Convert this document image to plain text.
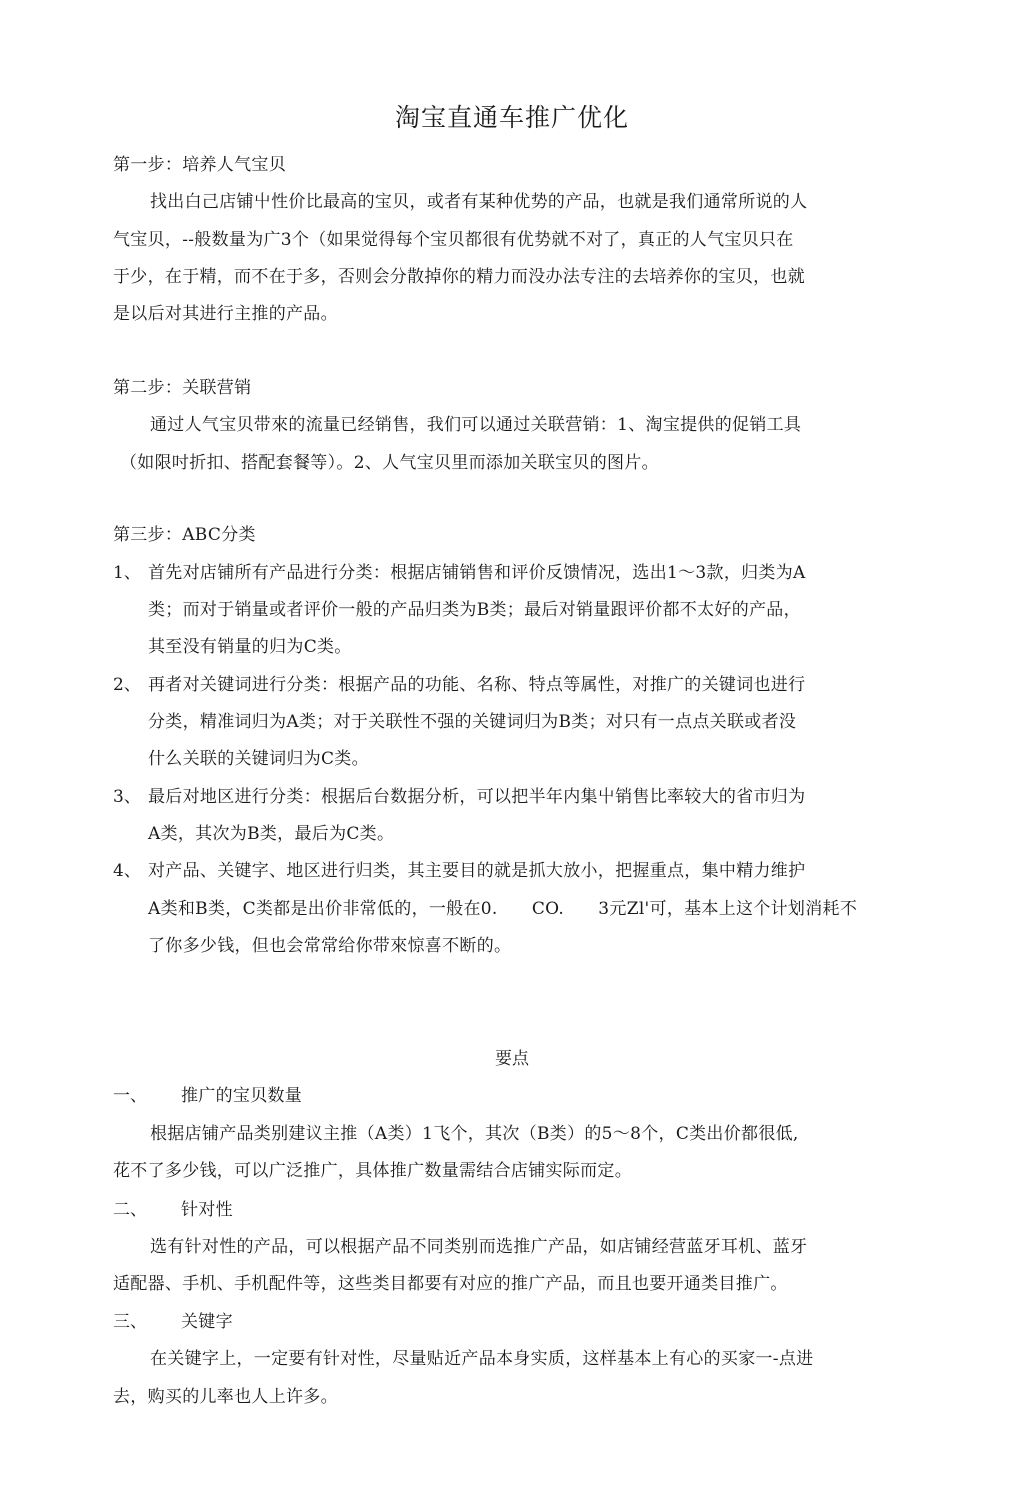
淘宝直通车推广优化
第一步：培养人气宝贝
找出白己店铺屮性价比最高的宝贝，或者有某种优势的产品，也就是我们通常所说的人
气宝贝，--般数量为广3个（如果觉得每个宝贝都很有优势就不对了，真正的人气宝贝只在
于少，在于精，而不在于多，否则会分散掉你的精力而没办法专注的去培养你的宝贝，也就
是以后对其进行主推的产品。
第二步：关联营销
通过人气宝贝带來的流量已经销售，我们可以通过关联营销：1、淘宝提供的促销工具
（如限吋折扣、搭配套餐等）。2、人气宝贝里而添加关联宝贝的图片。
第三步：ABC分类
1、 首先对店铺所有产品进行分类：根据店铺销售和评价反馈情况，选出1～3款，归类为A
类；而对于销量或者评价一般的产品归类为B类；最后对销量跟评价都不太好的产品，
其至没有销量的归为C类。
2、 再者对关键词进行分类：根据产品的功能、名称、特点等属性，对推广的关键词也进行
分类，精准词归为A类；对于关联性不强的关键词归为B类；对只有一点点关联或者没
什么关联的关键词归为C类。
3、 最后对地区进行分类：根据后台数据分析，可以把半年内集屮销售比率较大的省市归为
A类，其次为B类，最后为C类。
4、 对产品、关键字、地区进行归类，其主要目的就是抓大放小，把握重点，集中精力维护
A类和B类，C类都是出价非常低的，一般在0.      CO.      3元Zl'可，基本上这个计划消耗不
了你多少钱，但也会常常给你带來惊喜不断的。
要点
一、 推广的宝贝数量
根据店铺产品类别建议主推（A类）1飞个，其次（B类）的5～8个，C类出价都很低,
花不了多少钱，可以广泛推广，具体推广数量需结合店铺实际而定。
二、 针对性
选有针对性的产品，可以根据产品不同类别而选推广产品，如店铺经营蓝牙耳机、蓝牙
适配器、手机、手机配件等，这些类目都要有对应的推广产品，而且也要开通类目推广。
三、 关键字
在关键字上，一定要有针对性，尽量贴近产品本身实质，这样基本上有心的买家一-点进
去，购买的儿率也人上许多。
